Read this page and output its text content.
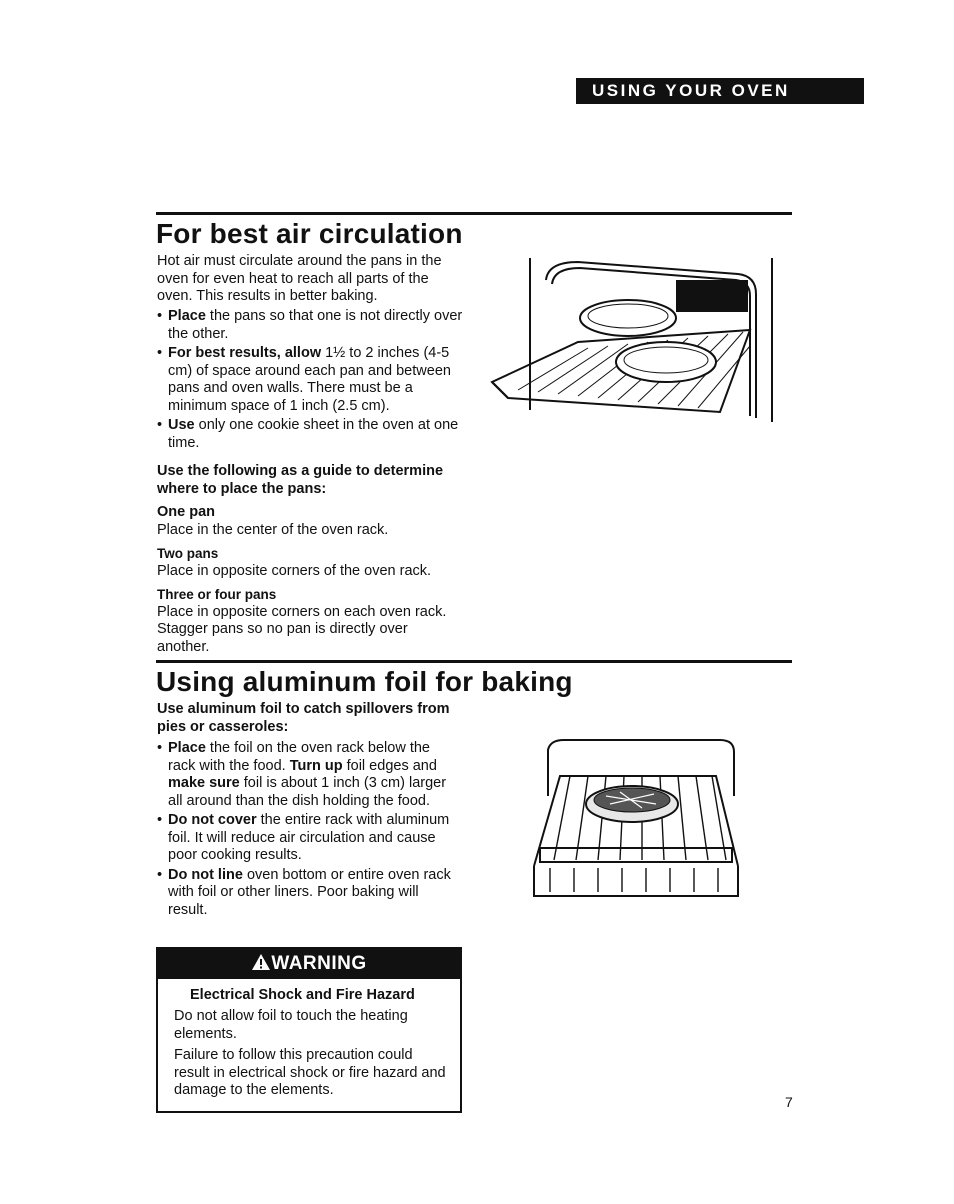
USING YOUR OVEN
For best air circulation
Hot air must circulate around the pans in the oven for even heat to reach all parts of the oven. This results in better baking.
• Place the pans so that one is not directly over the other.
• For best results, allow 1½ to 2 inches (4-5 cm) of space around each pan and between pans and oven walls. There must be a minimum space of 1 inch (2.5 cm).
• Use only one cookie sheet in the oven at one time.
Use the following as a guide to determine where to place the pans:
One pan
Place in the center of the oven rack.
Two pans
Place in opposite corners of the oven rack.
Three or four pans
Place in opposite corners on each oven rack. Stagger pans so no pan is directly over another.
Using aluminum foil for baking
Use aluminum foil to catch spillovers from pies or casseroles:
• Place the foil on the oven rack below the rack with the food. Turn up foil edges and make sure foil is about 1 inch (3 cm) larger all around than the dish holding the food.
• Do not cover the entire rack with aluminum foil. It will reduce air circulation and cause poor cooking results.
• Do not line oven bottom or entire oven rack with foil or other liners. Poor baking will result.
WARNING
Electrical Shock and Fire Hazard
Do not allow foil to touch the heating elements.
Failure to follow this precaution could result in electrical shock or fire hazard and damage to the elements.
7
